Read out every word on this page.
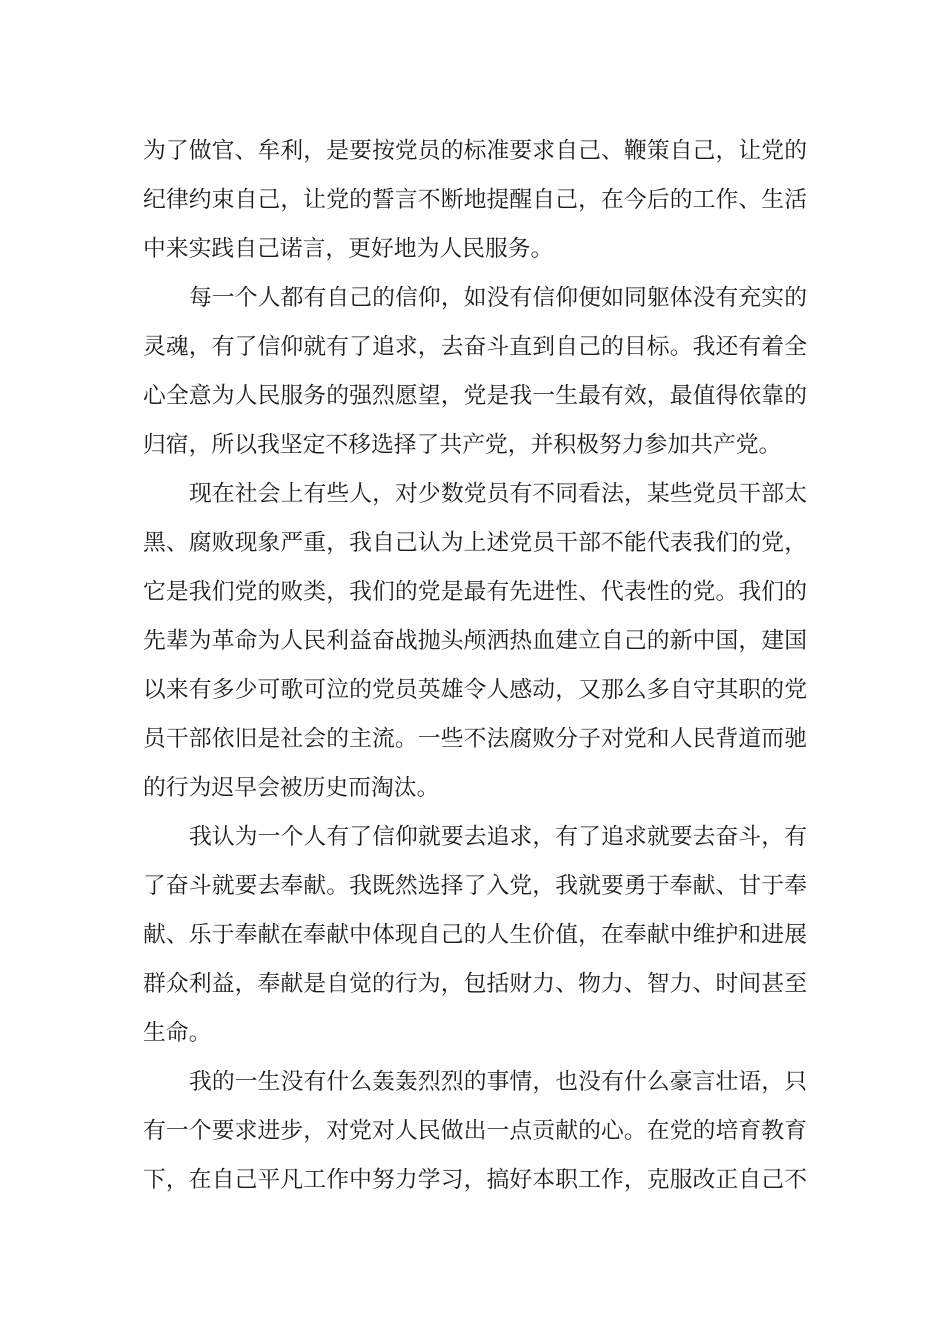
为了做官、牟利，是要按党员的标准要求自己、鞭策自己，让党的
纪律约束自己，让党的誓言不断地提醒自己，在今后的工作、生活
中来实践自己诺言，更好地为人民服务。
每一个人都有自己的信仰，如没有信仰便如同躯体没有充实的
灵魂，有了信仰就有了追求，去奋斗直到自己的目标。我还有着全
心全意为人民服务的强烈愿望，党是我一生最有效，最值得依靠的
归宿，所以我坚定不移选择了共产党，并积极努力参加共产党。
现在社会上有些人，对少数党员有不同看法，某些党员干部太
黑、腐败现象严重，我自己认为上述党员干部不能代表我们的党，
它是我们党的败类，我们的党是最有先进性、代表性的党。我们的
先辈为革命为人民利益奋战抛头颅洒热血建立自己的新中国，建国
以来有多少可歌可泣的党员英雄令人感动，又那么多自守其职的党
员干部依旧是社会的主流。一些不法腐败分子对党和人民背道而驰
的行为迟早会被历史而淘汰。
我认为一个人有了信仰就要去追求，有了追求就要去奋斗，有
了奋斗就要去奉献。我既然选择了入党，我就要勇于奉献、甘于奉
献、乐于奉献在奉献中体现自己的人生价值，在奉献中维护和进展
群众利益，奉献是自觉的行为，包括财力、物力、智力、时间甚至
生命。
我的一生没有什么轰轰烈烈的事情，也没有什么豪言壮语，只
有一个要求进步，对党对人民做出一点贡献的心。在党的培育教育
下，在自己平凡工作中努力学习，搞好本职工作，克服改正自己不
